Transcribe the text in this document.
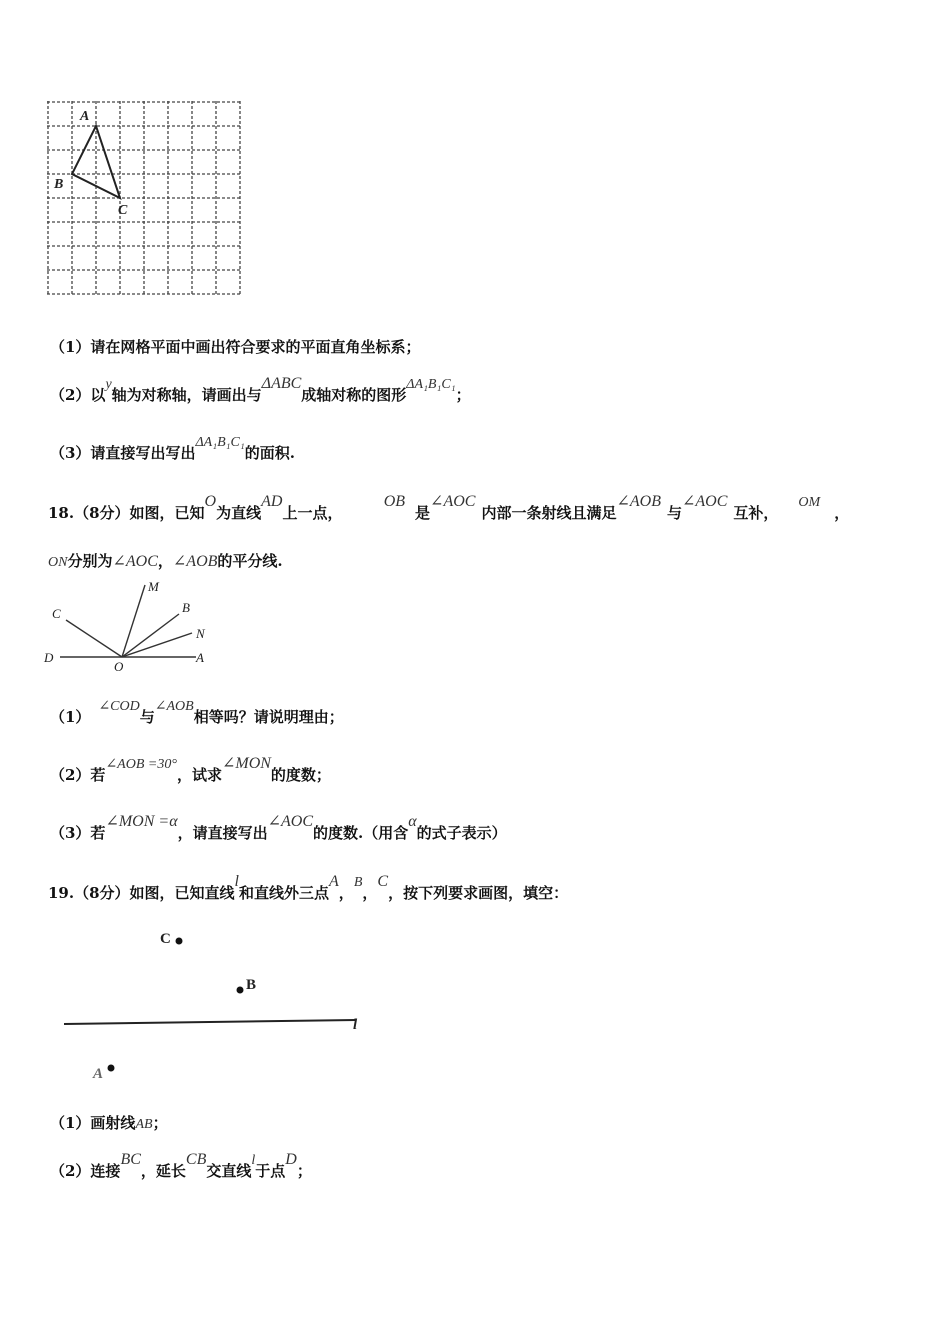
A
B
C
（1）请在网格平面中画出符合要求的平面直角坐标系；
（2）以y轴为对称轴，请画出与ΔABC成轴对称的图形ΔA₁B₁C₁；
（3）请直接写出写出ΔA₁B₁C₁的面积.
18.（8分）如图，已知O为直线AD上一点， OB是∠AOC内部一条射线且满足∠AOB与∠AOC互补，OM，
ON分别为∠AOC，∠AOB的平分线.
C
M
B
N
D
O
A
（1）∠COD与∠AOB相等吗？请说明理由；
（2）若∠AOB =30°，试求∠MON的度数；
（3）若∠MON =α，请直接写出∠AOC的度数.（用含α的式子表示）
19.（8分）如图，已知直线l和直线外三点A，B，C，按下列要求画图，填空：
C
B
l
A
（1）画射线AB；
（2）连接BC，延长CB交直线l于点D；
